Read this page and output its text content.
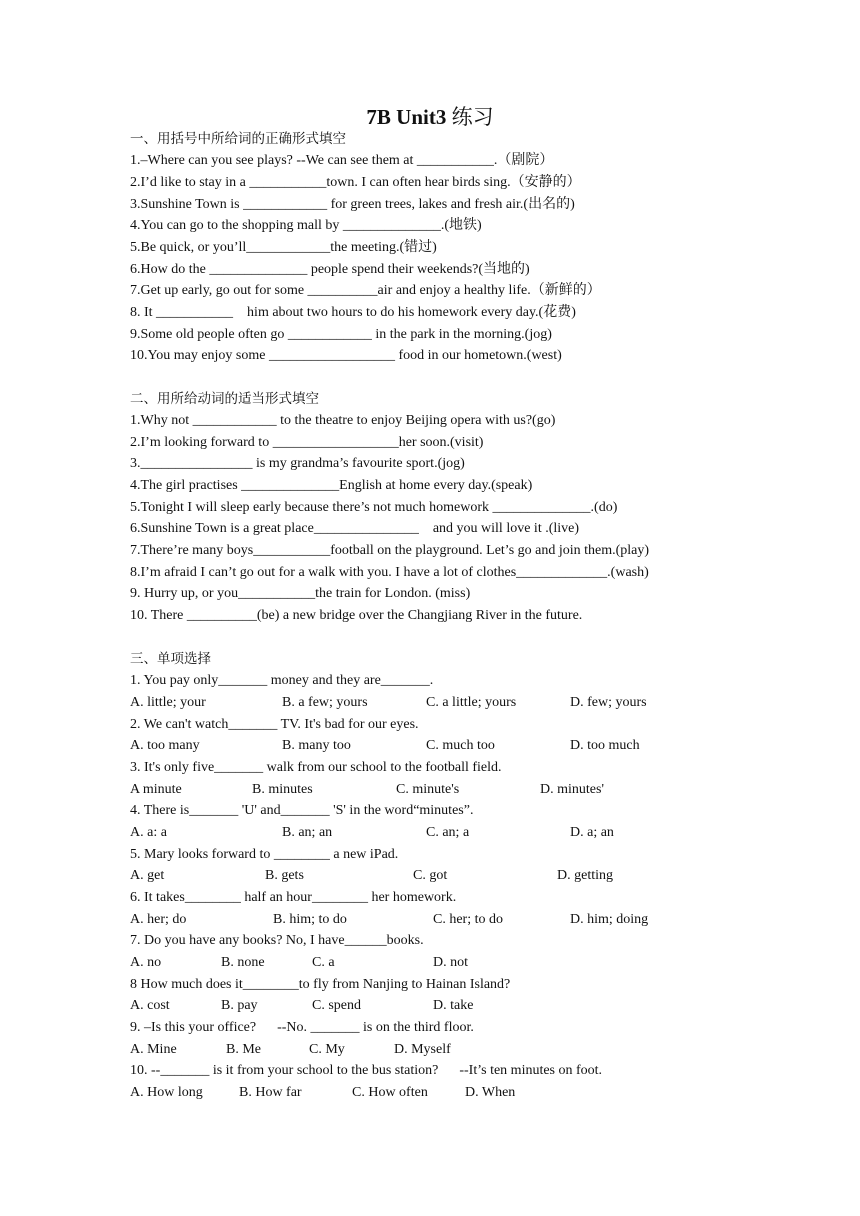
7B Unit3 练习
一、用括号中所给词的正确形式填空
1.–Where can you see plays? --We can see them at ___________.（剧院）
2.I’d like to stay in a ___________town. I can often hear birds sing.（安静的）
3.Sunshine Town is ____________ for green trees, lakes and fresh air.(出名的)
4.You can go to the shopping mall by ______________.(地铁)
5.Be quick, or you’ll____________the meeting.(错过)
6.How do the ______________ people spend their weekends?(当地的)
7.Get up early, go out for some __________air and enjoy a healthy life.（新鲜的）
8. It ___________    him about two hours to do his homework every day.(花费)
9.Some old people often go ____________ in the park in the morning.(jog)
10.You may enjoy some __________________ food in our hometown.(west)
二、用所给动词的适当形式填空
1.Why not ____________ to the theatre to enjoy Beijing opera with us?(go)
2.I’m looking forward to __________________her soon.(visit)
3.________________ is my grandma’s favourite sport.(jog)
4.The girl practises ______________English at home every day.(speak)
5.Tonight I will sleep early because there’s not much homework ______________.(do)
6.Sunshine Town is a great place_______________    and you will love it .(live)
7.There’re many boys___________football on the playground. Let’s go and join them.(play)
8.I’m afraid I can’t go out for a walk with you. I have a lot of clothes_____________.(wash)
9. Hurry up, or you___________the train for London. (miss)
10. There __________(be) a new bridge over the Changjiang River in the future.
三、单项选择
1. You pay only_______ money and they are_______.
A. little; your	B. a few; yours	C. a little; yours	D. few; yours
2. We can't watch_______ TV. It's bad for our eyes.
A. too many	B. many too	C. much too	D. too much
3. It's only five_______ walk from our school to the football field.
A minute	B. minutes	C. minute's	D. minutes'
4. There is_______ 'U' and_______ 'S' in the word“minutes”.
A. a: a	B. an; an	C. an; a	D. a; an
5. Mary looks forward to ________ a new iPad.
A. get	B. gets	C. got	D. getting
6. It takes________ half an hour________ her homework.
A. her; do	B. him; to do	C. her; to do	D. him; doing
7. Do you have any books? No, I have______books.
A. no	B. none	C. a	D. not
8 How much does it________to fly from Nanjing to Hainan Island?
A. cost	B. pay	C. spend	D. take
9. –Is this your office?      --No. _______ is on the third floor.
A. Mine	B. Me	C. My	D. Myself
10. --_______ is it from your school to the bus station?      --It’s ten minutes on foot.
A. How long	B. How far	C. How often	D. When
